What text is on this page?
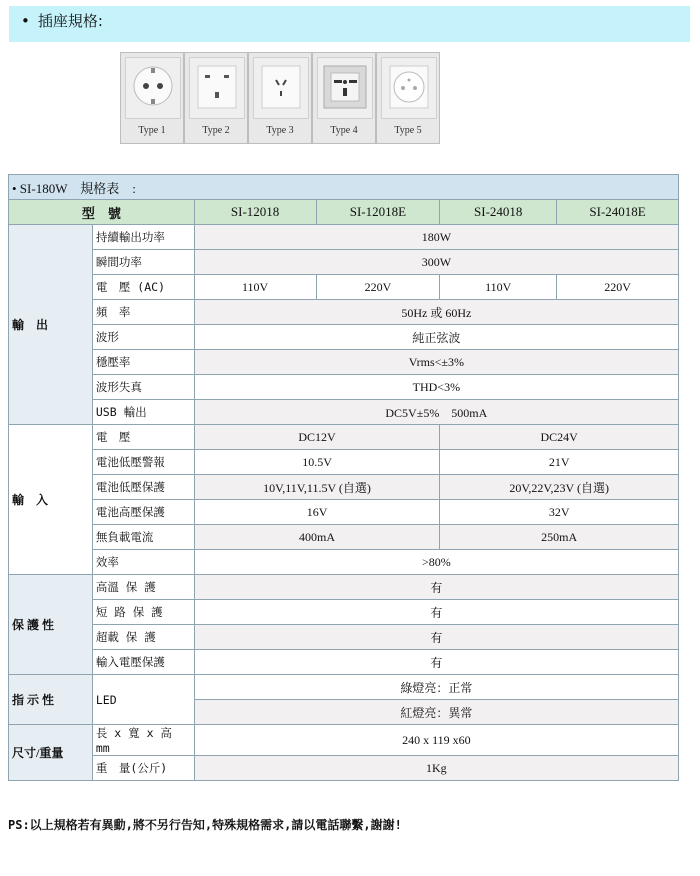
• 插座規格:
Type 1	Type 2	Type 3	Type 4	Type 5
• SI-180W　規格表　:					
型　號		SI-12018	SI-12018E	SI-24018	SI-24018E
輸　出	持續輸出功率	180W			
	瞬間功率	300W			
	電　壓 (AC)	110V	220V	110V	220V
	頻　率	50Hz 或 60Hz			
	波形	純正弦波			
	穩壓率	Vrms<±3%			
	波形失真	THD<3%			
	USB 輸出	DC5V±5%　500mA			
輸　入	電　壓	DC12V		DC24V	
	電池低壓警報	10.5V		21V	
	電池低壓保護	10V,11V,11.5V (自選)		20V,22V,23V (自選)	
	電池高壓保護	16V		32V	
	無負載電流	400mA		250mA	
	效率	>80%			
保 護 性	高溫 保 護	有			
	短 路 保 護	有			
	超載 保 護	有			
	輸入電壓保護	有			
指 示 性	LED	綠燈亮：正常			
		紅燈亮：異常			
尺寸/重量	長 x 寬 x 高 mm	240 x 119 x60			
	重　量(公斤)	1Kg			
PS:以上規格若有異動,將不另行告知,特殊規格需求,請以電話聯繫,謝謝!
